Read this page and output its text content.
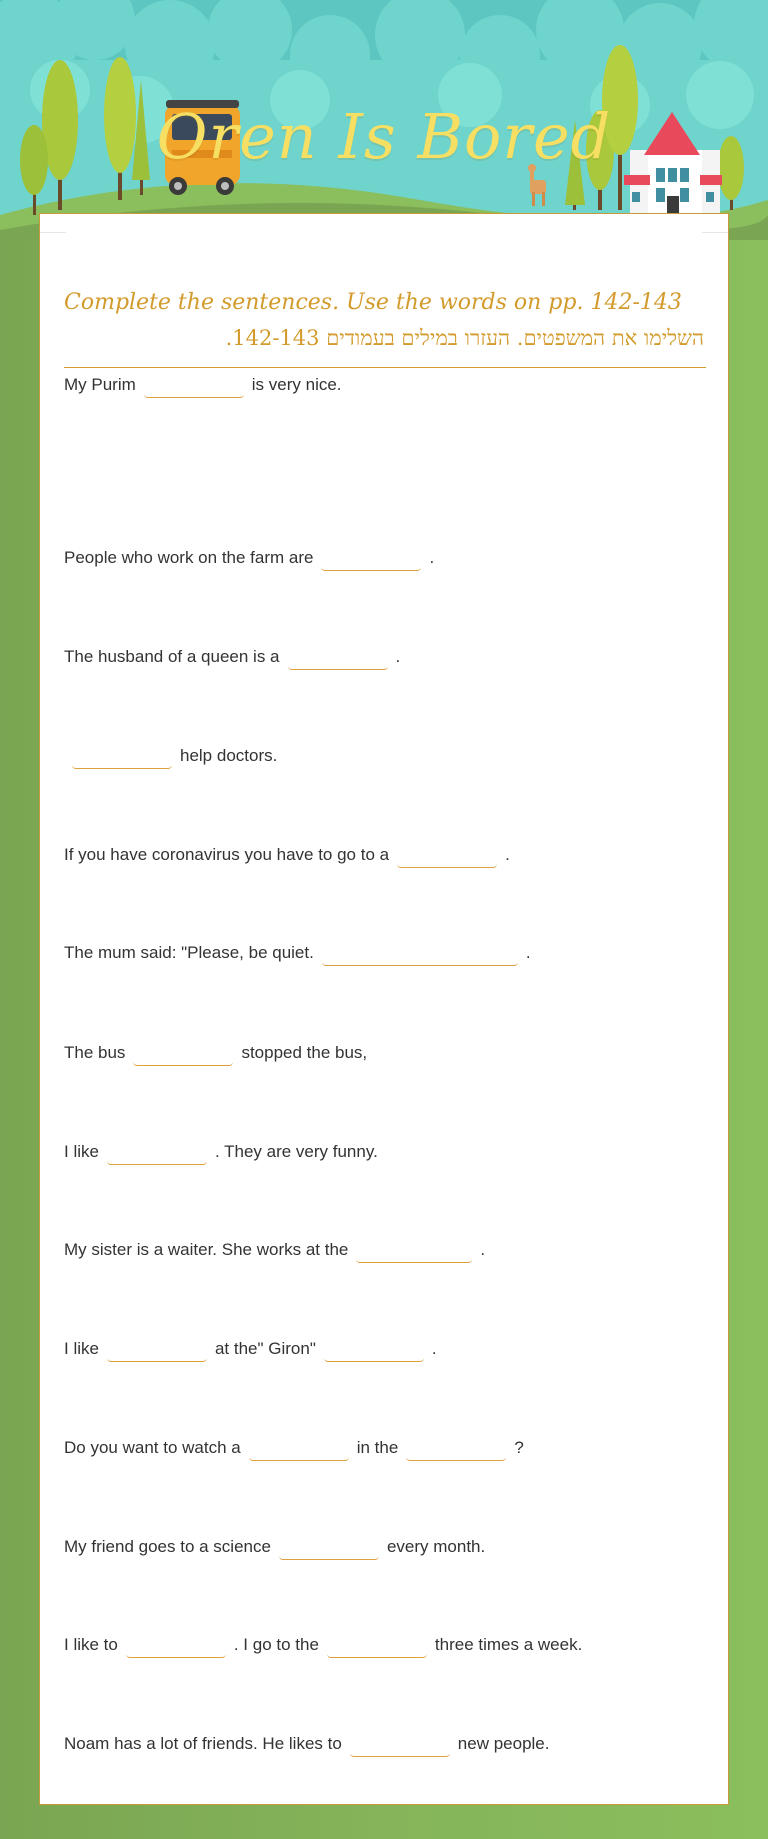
Oren Is Bored
Complete the sentences. Use the words on pp. 142-143
השלימו את המשפטים. העזרו במילים בעמודים 142-143.
My Purim	is very nice.
People who work on the farm are	.
The husband of a queen is a	.
help doctors.
If you have coronavirus you have to go to a	.
The mum said: "Please, be quiet.	.
The bus	stopped the bus,
I like	. They are very funny.
My sister is a waiter. She works at the	.
I like	at the" Giron"	.
Do you want to watch a	in the	?
My friend goes to a science	every month.
I like to	. I go to the	three times a week.
Noam has a lot of friends. He likes to	new people.
